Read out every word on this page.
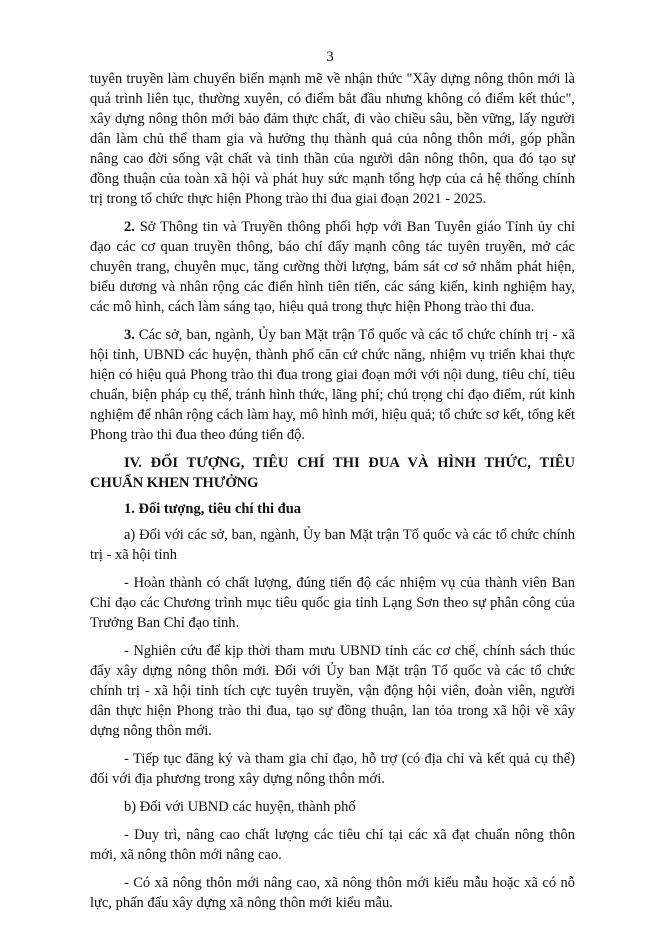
3

tuyên truyền làm chuyển biến mạnh mẽ về nhận thức "Xây dựng nông thôn mới là quá trình liên tục, thường xuyên, có điểm bắt đầu nhưng không có điểm kết thúc", xây dựng nông thôn mới bảo đảm thực chất, đi vào chiều sâu, bền vững, lấy người dân làm chủ thể tham gia và hưởng thụ thành quả của nông thôn mới, góp phần nâng cao đời sống vật chất và tinh thần của người dân nông thôn, qua đó tạo sự đồng thuận của toàn xã hội và phát huy sức mạnh tổng hợp của cả hệ thống chính trị trong tổ chức thực hiện Phong trào thi đua giai đoạn 2021 - 2025.

2. Sở Thông tin và Truyền thông phối hợp với Ban Tuyên giáo Tỉnh ủy chỉ đạo các cơ quan truyền thông, báo chí đẩy mạnh công tác tuyên truyền, mở các chuyên trang, chuyên mục, tăng cường thời lượng, bám sát cơ sở nhằm phát hiện, biểu dương và nhân rộng các điển hình tiên tiến, các sáng kiến, kinh nghiệm hay, các mô hình, cách làm sáng tạo, hiệu quả trong thực hiện Phong trào thi đua.

3. Các sở, ban, ngành, Ủy ban Mặt trận Tổ quốc và các tổ chức chính trị - xã hội tỉnh, UBND các huyện, thành phố căn cứ chức năng, nhiệm vụ triển khai thực hiện có hiệu quả Phong trào thi đua trong giai đoạn mới với nội dung, tiêu chí, tiêu chuẩn, biện pháp cụ thể, tránh hình thức, lãng phí; chú trọng chỉ đạo điểm, rút kinh nghiệm để nhân rộng cách làm hay, mô hình mới, hiệu quả; tổ chức sơ kết, tổng kết Phong trào thi đua theo đúng tiến độ.

IV. ĐỐI TƯỢNG, TIÊU CHÍ THI ĐUA VÀ HÌNH THỨC, TIÊU CHUẨN KHEN THƯỞNG

1. Đối tượng, tiêu chí thi đua

a) Đối với các sở, ban, ngành, Ủy ban Mặt trận Tổ quốc và các tổ chức chính trị - xã hội tỉnh

- Hoàn thành có chất lượng, đúng tiến độ các nhiệm vụ của thành viên Ban Chỉ đạo các Chương trình mục tiêu quốc gia tỉnh Lạng Sơn theo sự phân công của Trưởng Ban Chỉ đạo tỉnh.

- Nghiên cứu để kịp thời tham mưu UBND tỉnh các cơ chế, chính sách thúc đẩy xây dựng nông thôn mới. Đối với Ủy ban Mặt trận Tổ quốc và các tổ chức chính trị - xã hội tỉnh tích cực tuyên truyền, vận động hội viên, đoàn viên, người dân thực hiện Phong trào thi đua, tạo sự đồng thuận, lan tỏa trong xã hội về xây dựng nông thôn mới.

- Tiếp tục đăng ký và tham gia chỉ đạo, hỗ trợ (có địa chỉ và kết quả cụ thể) đối với địa phương trong xây dựng nông thôn mới.

b) Đối với UBND các huyện, thành phố

- Duy trì, nâng cao chất lượng các tiêu chí tại các xã đạt chuẩn nông thôn mới, xã nông thôn mới nâng cao.

- Có xã nông thôn mới nâng cao, xã nông thôn mới kiểu mẫu hoặc xã có nỗ lực, phấn đấu xây dựng xã nông thôn mới kiểu mẫu.
